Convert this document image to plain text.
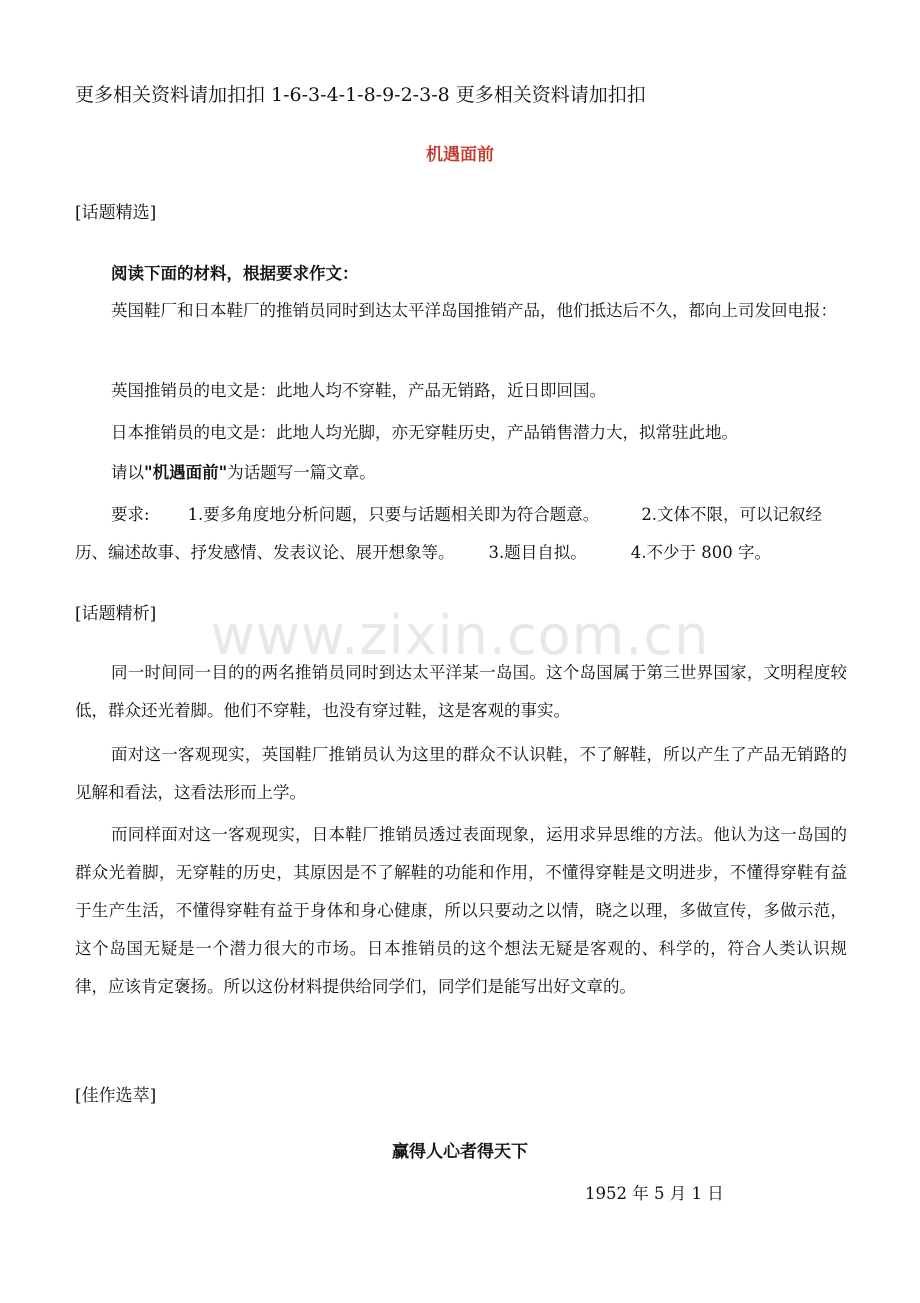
www.zixin.com.cn
更多相关资料请加扣扣 1-6-3-4-1-8-9-2-3-8 更多相关资料请加扣扣
机遇面前
[话题精选]
阅读下面的材料，根据要求作文：
英国鞋厂和日本鞋厂的推销员同时到达太平洋岛国推销产品，他们抵达后不久，都向上司发回电报：
英国推销员的电文是：此地人均不穿鞋，产品无销路，近日即回国。
日本推销员的电文是：此地人均光脚，亦无穿鞋历史，产品销售潜力大，拟常驻此地。
请以"机遇面前"为话题写一篇文章。
要求: 1.要多角度地分析问题，只要与话题相关即为符合题意。	2.文体不限，可以记叙经历、编述故事、抒发感情、发表议论、展开想象等。 3.题目自拟。	4.不少于 800 字。
[话题精析]
同一时间同一目的的两名推销员同时到达太平洋某一岛国。这个岛国属于第三世界国家，文明程度较低，群众还光着脚。他们不穿鞋，也没有穿过鞋，这是客观的事实。
面对这一客观现实，英国鞋厂推销员认为这里的群众不认识鞋，不了解鞋，所以产生了产品无销路的见解和看法，这看法形而上学。
而同样面对这一客观现实，日本鞋厂推销员透过表面现象，运用求异思维的方法。他认为这一岛国的群众光着脚，无穿鞋的历史，其原因是不了解鞋的功能和作用，不懂得穿鞋是文明进步，不懂得穿鞋有益于生产生活，不懂得穿鞋有益于身体和身心健康，所以只要动之以情，晓之以理，多做宣传，多做示范，这个岛国无疑是一个潜力很大的市场。日本推销员的这个想法无疑是客观的、科学的，符合人类认识规律，应该肯定褒扬。所以这份材料提供给同学们，同学们是能写出好文章的。
[佳作选萃]
赢得人心者得天下
1952 年 5 月 1 日
